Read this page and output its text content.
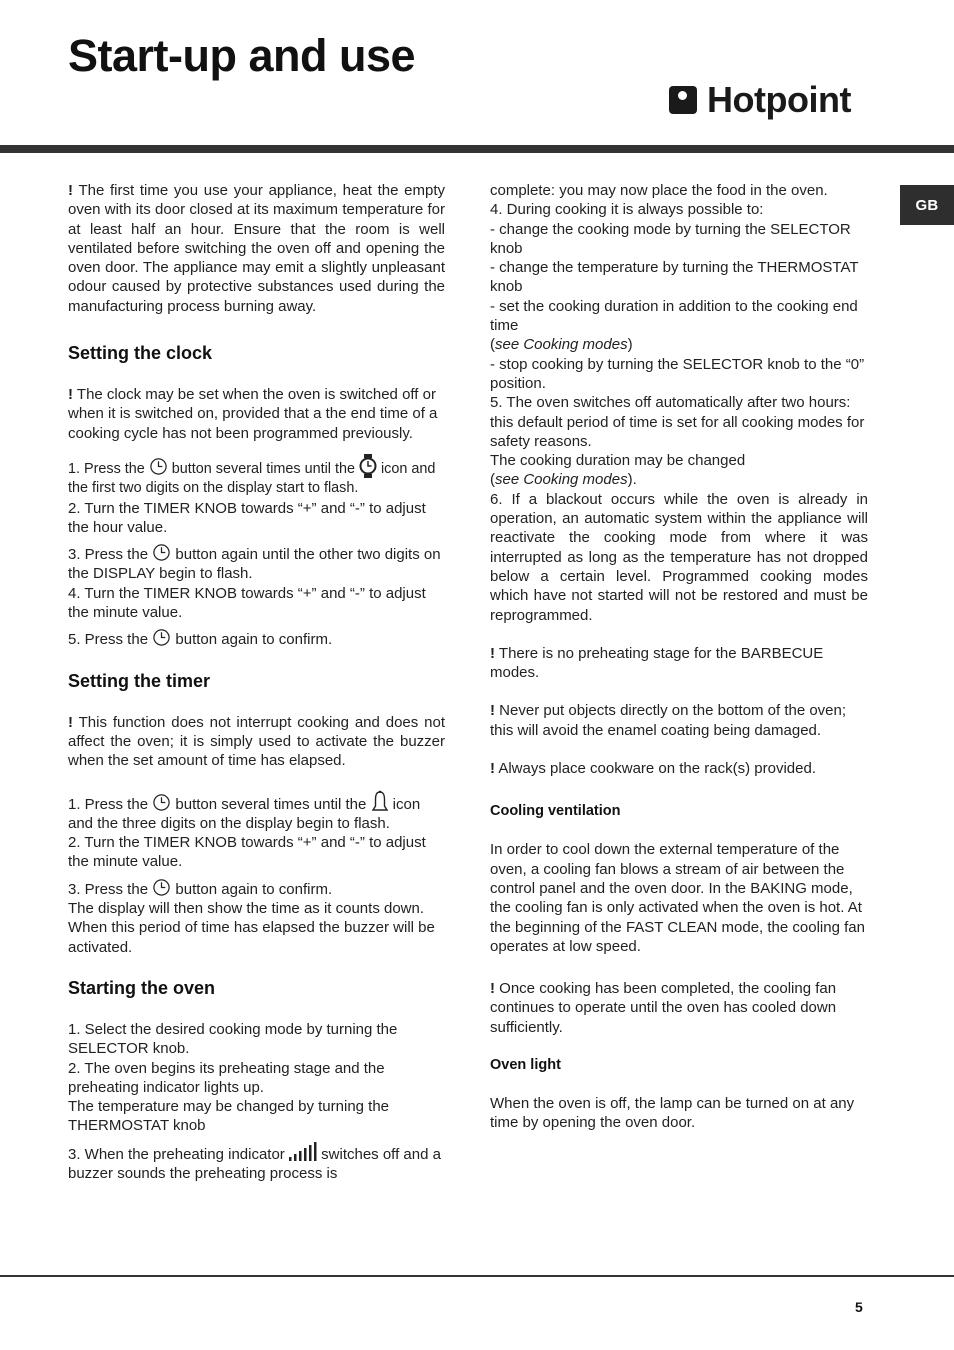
Start-up and use
Hotpoint
GB

! The first time you use your appliance, heat the empty oven with its door closed at its maximum temperature for at least half an hour. Ensure that the room is well ventilated before switching the oven off and opening the oven door. The appliance may emit a slightly unpleasant odour caused by protective substances used during the manufacturing process burning away.

Setting the clock

! The clock may be set when the oven is switched off or when it is switched on, provided that a the end time of a cooking cycle has not been programmed previously.

1. Press the button several times until the icon and the first two digits on the display start to flash.

2. Turn the TIMER KNOB towards “+” and “-” to adjust the hour value.

3. Press the button again until the other two digits on the DISPLAY begin to flash.

4. Turn the TIMER KNOB towards “+” and “-” to adjust the minute value.

5. Press the button again to confirm.

Setting the timer

! This function does not interrupt cooking and does not affect the oven; it is simply used to activate the buzzer when the set amount of time has elapsed.

1. Press the button several times until the icon and the three digits on the display begin to flash.

2. Turn the TIMER KNOB towards “+” and “-” to adjust the minute value.

3. Press the button again to confirm.

The display will then show the time as it counts down. When this period of time has elapsed the buzzer will be activated.

Starting the oven

1. Select the desired cooking mode by turning the SELECTOR knob.

2. The oven begins its preheating stage and the preheating indicator lights up.

The temperature may be changed by turning the THERMOSTAT knob

3. When the preheating indicator switches off and a buzzer sounds the preheating process is

complete: you may now place the food in the oven.

4. During cooking it is always possible to:

- change the cooking mode by turning the SELECTOR knob

- change the temperature by turning the THERMOSTAT knob

- set the cooking duration in addition to the cooking end time

(see Cooking modes)

- stop cooking by turning the SELECTOR knob to the “0” position.

5. The oven switches off automatically after two hours: this default period of time is set for all cooking modes for safety reasons.

The cooking duration may be changed

(see Cooking modes).

6. If a blackout occurs while the oven is already in operation, an automatic system within the appliance will reactivate the cooking mode from where it was interrupted as long as the temperature has not dropped below a certain level. Programmed cooking modes which have not started will not be restored and must be reprogrammed.

! There is no preheating stage for the BARBECUE modes.

! Never put objects directly on the bottom of the oven; this will avoid the enamel coating being damaged.

! Always place cookware on the rack(s) provided.

Cooling ventilation

In order to cool down the external temperature of the oven, a cooling fan blows a stream of air between the control panel and the oven door. In the BAKING mode, the cooling fan is only activated when the oven is hot. At the beginning of the FAST CLEAN mode, the cooling fan operates at low speed.

! Once cooking has been completed, the cooling fan continues to operate until the oven has cooled down sufficiently.

Oven light

When the oven is off, the lamp can be turned on at any time by opening the oven door.

5
